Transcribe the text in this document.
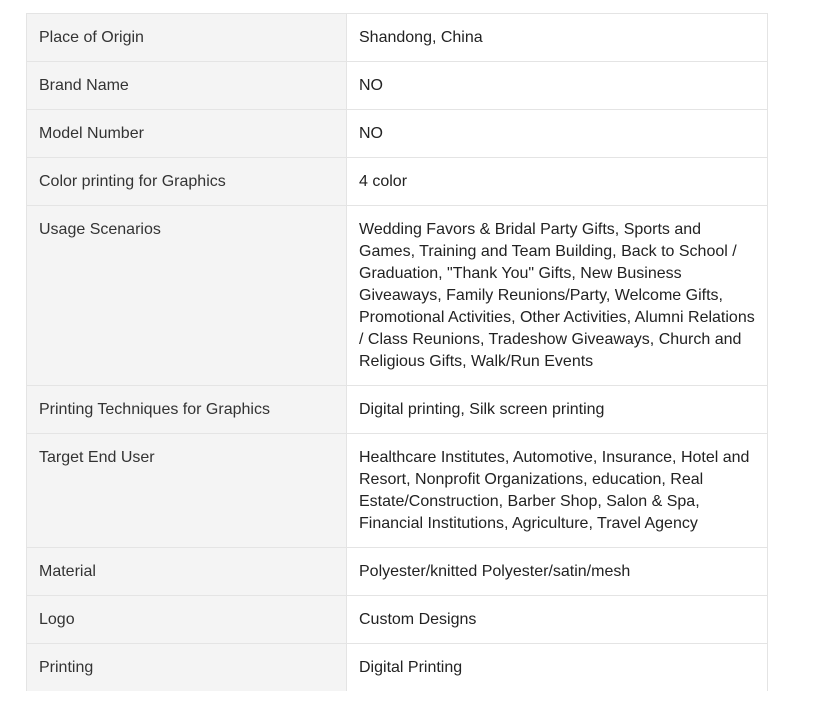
Place of Origin	Shandong, China
Brand Name	NO
Model Number	NO
Color printing for Graphics	4 color
Usage Scenarios	Wedding Favors & Bridal Party Gifts, Sports and Games, Training and Team Building, Back to School / Graduation, "Thank You" Gifts, New Business Giveaways, Family Reunions/Party, Welcome Gifts, Promotional Activities, Other Activities, Alumni Relations / Class Reunions, Tradeshow Giveaways, Church and Religious Gifts, Walk/Run Events
Printing Techniques for Graphics	Digital printing, Silk screen printing
Target End User	Healthcare Institutes, Automotive, Insurance, Hotel and Resort, Nonprofit Organizations, education, Real Estate/Construction, Barber Shop, Salon & Spa, Financial Institutions, Agriculture, Travel Agency
Material	Polyester/knitted Polyester/satin/mesh
Logo	Custom Designs
Printing	Digital Printing
